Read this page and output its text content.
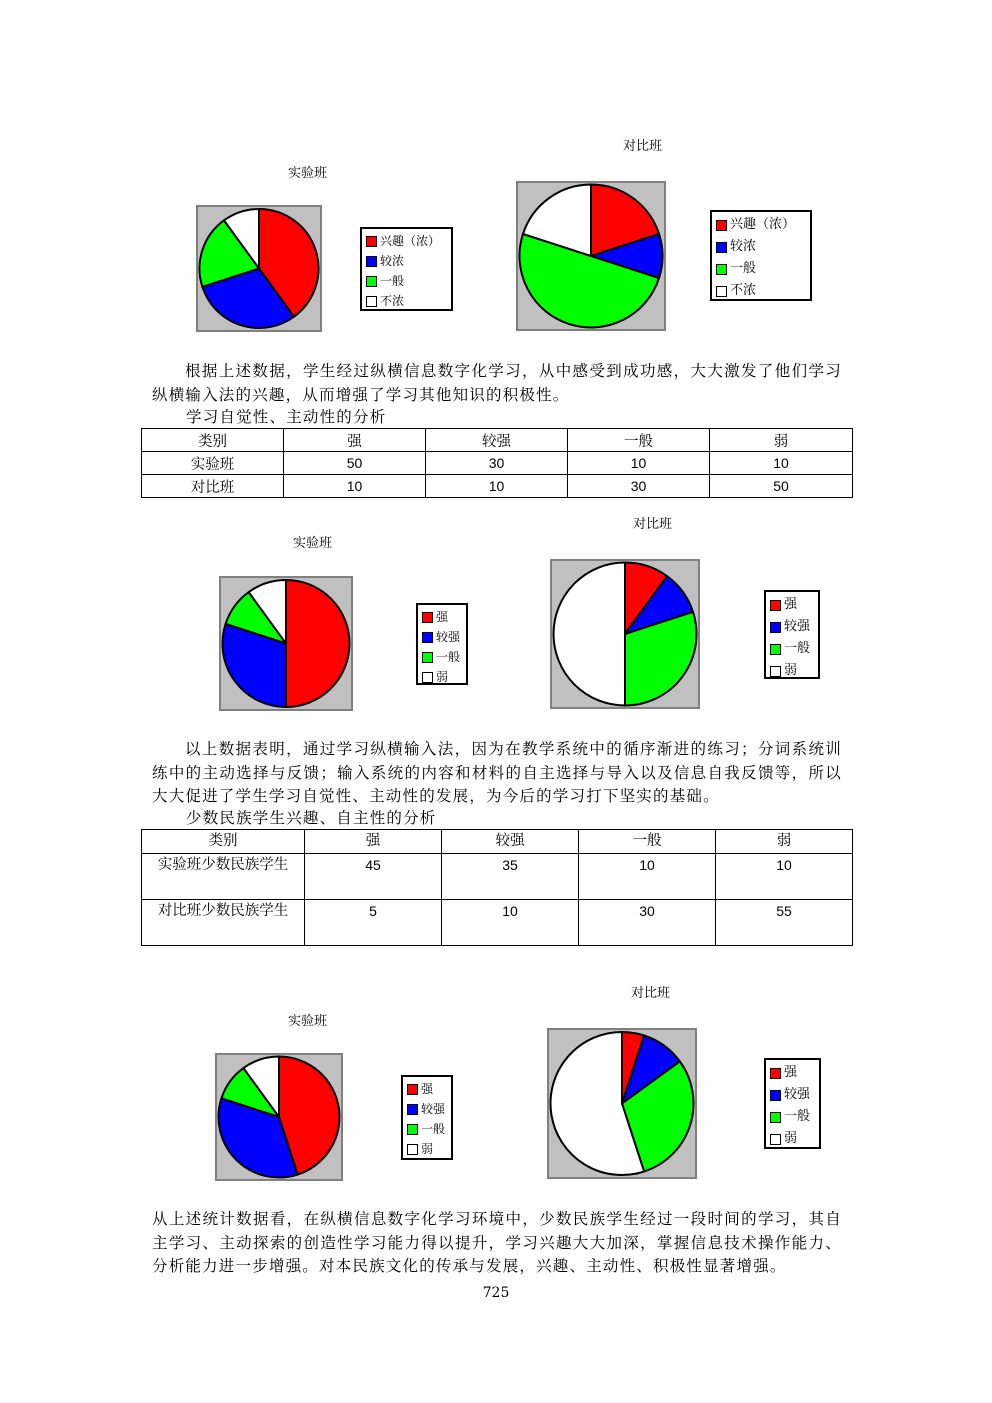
实验班
兴趣（浓）
较浓
一般
不浓
对比班
兴趣（浓）
较浓
一般
不浓

根据上述数据，学生经过纵横信息数字化学习，从中感受到成功感，大大激发了他们学习纵横输入法的兴趣，从而增强了学习其他知识的积极性。

学习自觉性、主动性的分析
类别	强	较强	一般	弱
实验班	50	30	10	10
对比班	10	10	30	50
实验班
强
较强
一般
弱
对比班
强
较强
一般
弱

以上数据表明，通过学习纵横输入法，因为在教学系统中的循序渐进的练习；分词系统训练中的主动选择与反馈；输入系统的内容和材料的自主选择与导入以及信息自我反馈等，所以大大促进了学生学习自觉性、主动性的发展，为今后的学习打下坚实的基础。

少数民族学生兴趣、自主性的分析
类别	强	较强	一般	弱
实验班少数民族学生	45	35	10	10
对比班少数民族学生	5	10	30	55
实验班
强
较强
一般
弱
对比班
强
较强
一般
弱

从上述统计数据看，在纵横信息数字化学习环境中，少数民族学生经过一段时间的学习，其自主学习、主动探索的创造性学习能力得以提升，学习兴趣大大加深，掌握信息技术操作能力、分析能力进一步增强。对本民族文化的传承与发展，兴趣、主动性、积极性显著增强。

725
